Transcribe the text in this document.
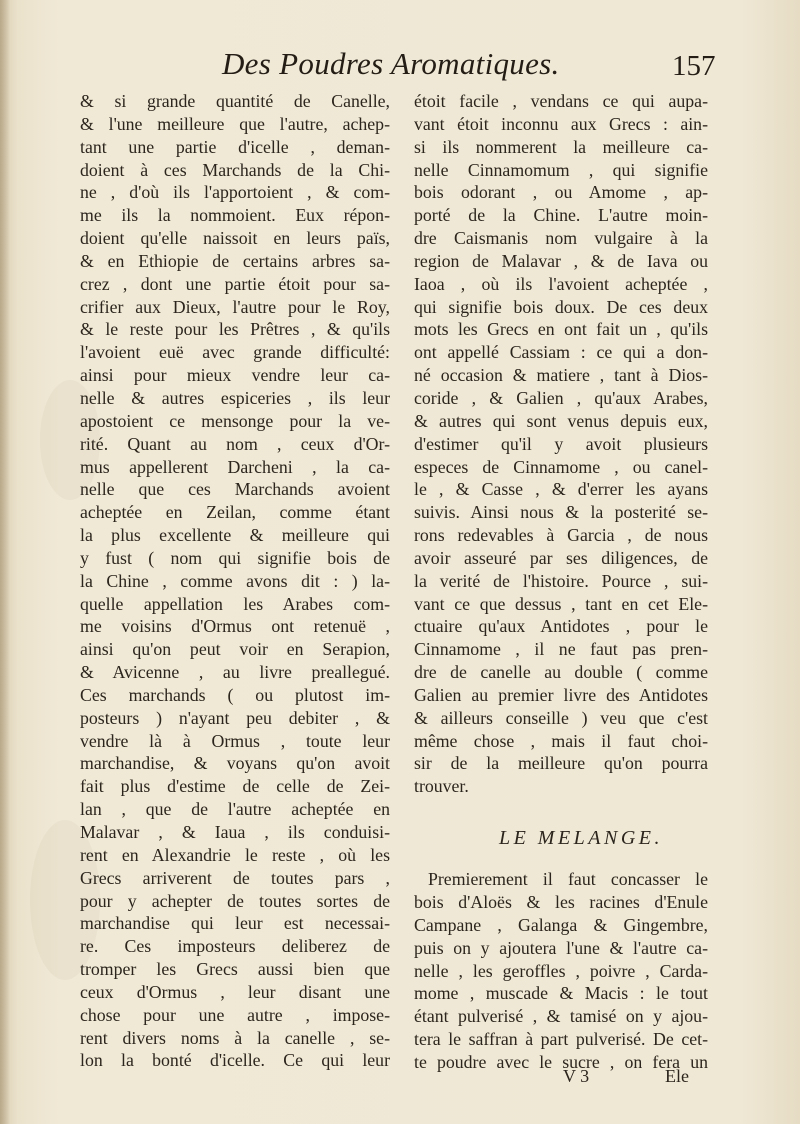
Des Poudres Aromatiques.	157
& si grande quantité de Canelle,
& l'une meilleure que l'autre, achep-
tant une partie d'icelle , deman-
doient à ces Marchands de la Chi-
ne , d'où ils l'apportoient , & com-
me ils la nommoient. Eux répon-
doient qu'elle naissoit en leurs païs,
& en Ethiopie de certains arbres sa-
crez , dont une partie étoit pour sa-
crifier aux Dieux, l'autre pour le Roy,
& le reste pour les Prêtres , & qu'ils
l'avoient euë avec grande difficulté:
ainsi pour mieux vendre leur ca-
nelle & autres espiceries , ils leur
apostoient ce mensonge pour la ve-
rité. Quant au nom , ceux d'Or-
mus appellerent Darcheni , la ca-
nelle que ces Marchands avoient
acheptée en Zeilan, comme étant
la plus excellente & meilleure qui
y fust ( nom qui signifie bois de
la Chine , comme avons dit : ) la-
quelle appellation les Arabes com-
me voisins d'Ormus ont retenuë ,
ainsi qu'on peut voir en Serapion,
& Avicenne , au livre preallegué.
Ces marchands ( ou plutost im-
posteurs ) n'ayant peu debiter , &
vendre là à Ormus , toute leur
marchandise, & voyans qu'on avoit
fait plus d'estime de celle de Zei-
lan , que de l'autre acheptée en
Malavar , & Iaua , ils conduisi-
rent en Alexandrie le reste , où les
Grecs arriverent de toutes pars ,
pour y achepter de toutes sortes de
marchandise qui leur est necessai-
re. Ces imposteurs deliberez de
tromper les Grecs aussi bien que
ceux d'Ormus , leur disant une
chose pour une autre , impose-
rent divers noms à la canelle , se-
lon la bonté d'icelle. Ce qui leur
étoit facile , vendans ce qui aupa-
vant étoit inconnu aux Grecs : ain-
si ils nommerent la meilleure ca-
nelle Cinnamomum , qui signifie
bois odorant , ou Amome , ap-
porté de la Chine. L'autre moin-
dre Caismanis nom vulgaire à la
region de Malavar , & de Iava ou
Iaoa , où ils l'avoient acheptée ,
qui signifie bois doux. De ces deux
mots les Grecs en ont fait un , qu'ils
ont appellé Cassiam : ce qui a don-
né occasion & matiere , tant à Dios-
coride , & Galien , qu'aux Arabes,
& autres qui sont venus depuis eux,
d'estimer qu'il y avoit plusieurs
especes de Cinnamome , ou canel-
le , & Casse , & d'errer les ayans
suivis. Ainsi nous & la posterité se-
rons redevables à Garcia , de nous
avoir asseuré par ses diligences, de
la verité de l'histoire. Pource , sui-
vant ce que dessus , tant en cet Ele-
ctuaire qu'aux Antidotes , pour le
Cinnamome , il ne faut pas pren-
dre de canelle au double ( comme
Galien au premier livre des Antidotes
& ailleurs conseille ) veu que c'est
même chose , mais il faut choi-
sir de la meilleure qu'on pourra
trouver.
LE MELANGE.
Premierement il faut concasser le
bois d'Aloës & les racines d'Enule
Campane , Galanga & Gingembre,
puis on y ajoutera l'une & l'autre ca-
nelle , les geroffles , poivre , Carda-
mome , muscade & Macis : le tout
étant pulverisé , & tamisé on y ajou-
tera le saffran à part pulverisé. De cet-
te poudre avec le sucre , on fera un
V 3	Ele
